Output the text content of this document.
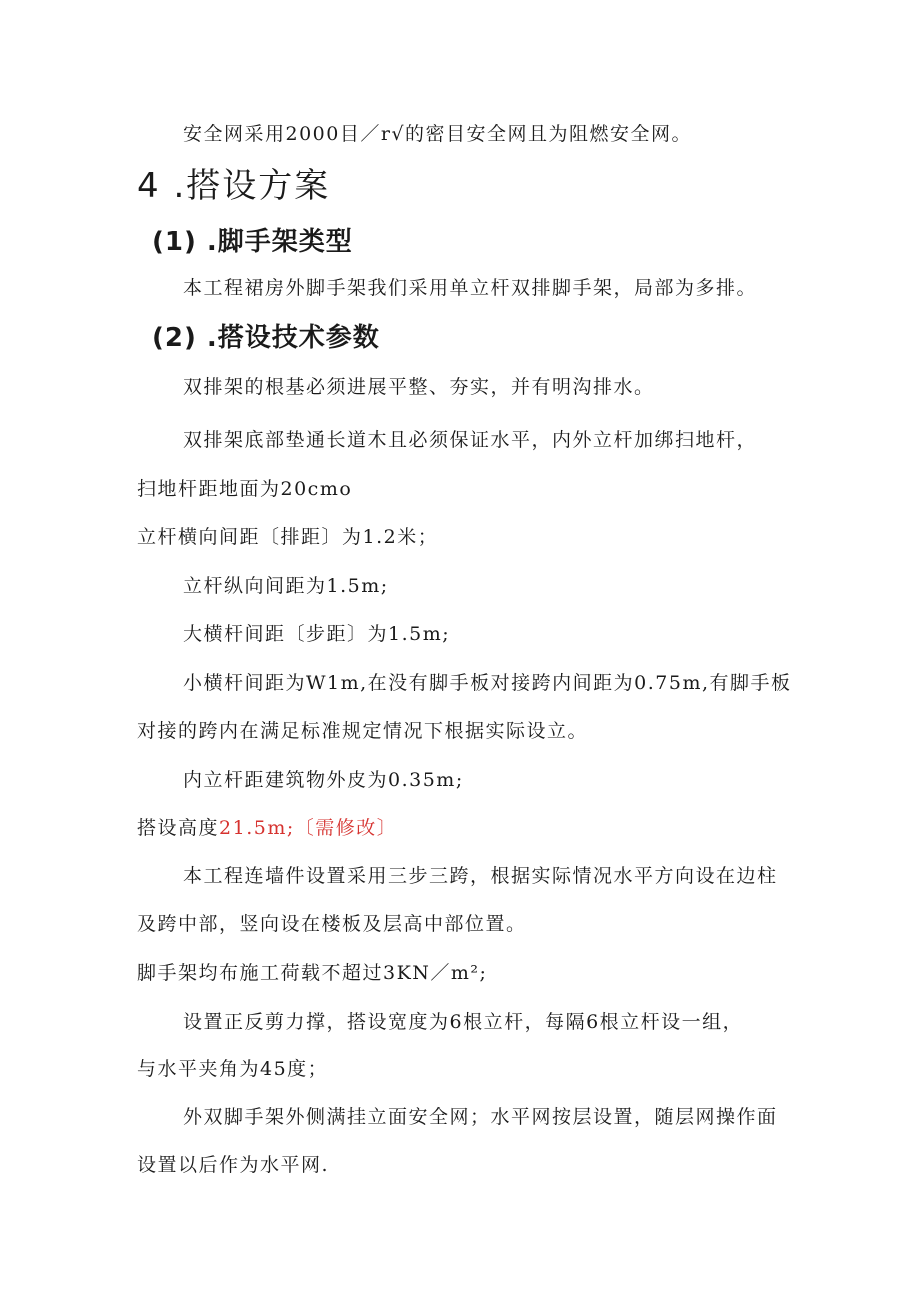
安全网采用2000目／r√的密目安全网且为阻燃安全网。
4 .搭设方案
(1) .脚手架类型
本工程裙房外脚手架我们采用单立杆双排脚手架，局部为多排。
(2) .搭设技术参数
双排架的根基必须进展平整、夯实，并有明沟排水。
双排架底部垫通长道木且必须保证水平，内外立杆加绑扫地杆，
扫地杆距地面为20cmo
立杆横向间距〔排距〕为1.2米；
立杆纵向间距为1.5m;
大横杆间距〔步距〕为1.5m;
小横杆间距为W1m,在没有脚手板对接跨内间距为0.75m,有脚手板
对接的跨内在满足标准规定情况下根据实际设立。
内立杆距建筑物外皮为0.35m;
搭设高度21.5m;〔需修改〕
本工程连墙件设置采用三步三跨，根据实际情况水平方向设在边柱
及跨中部，竖向设在楼板及层高中部位置。
脚手架均布施工荷载不超过3KN／m²;
设置正反剪力撑，搭设宽度为6根立杆，每隔6根立杆设一组，
与水平夹角为45度；
外双脚手架外侧满挂立面安全网；水平网按层设置，随层网操作面
设置以后作为水平网.
